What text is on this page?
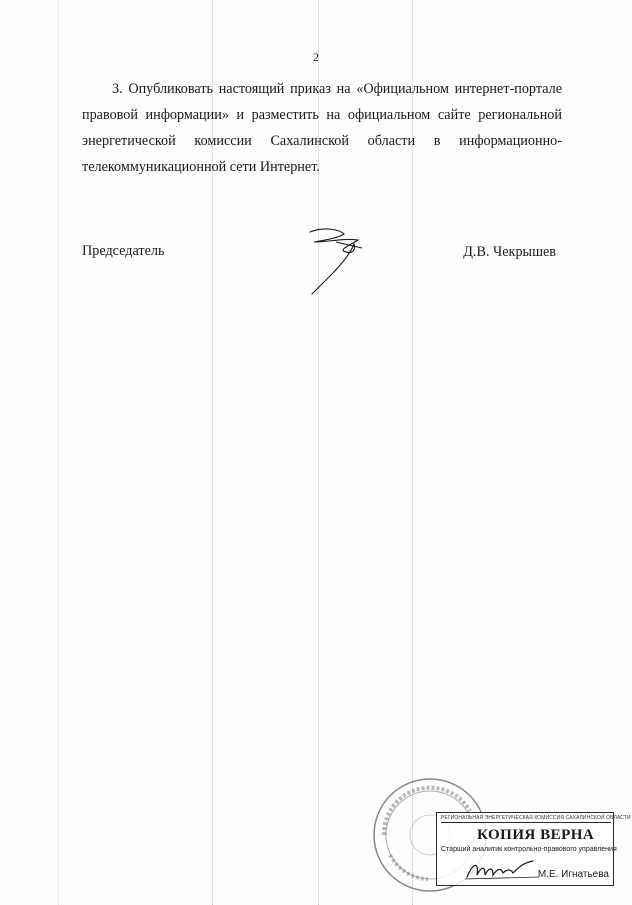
2
3. Опубликовать настоящий приказ на «Официальном интернет-портале
правовой информации» и разместить на официальном сайте региональной
энергетической комиссии Сахалинской области в информационно-
телекоммуникационной сети Интернет.
Председатель	Д.В. Чекрышев
РЕГИОНАЛЬНАЯ ЭНЕРГЕТИЧЕСКАЯ КОМИССИЯ САХАЛИНСКОЙ ОБЛАСТИ
КОПИЯ ВЕРНА
Старший аналитик контрольно-правового управления
М.Е. Игнатьева
